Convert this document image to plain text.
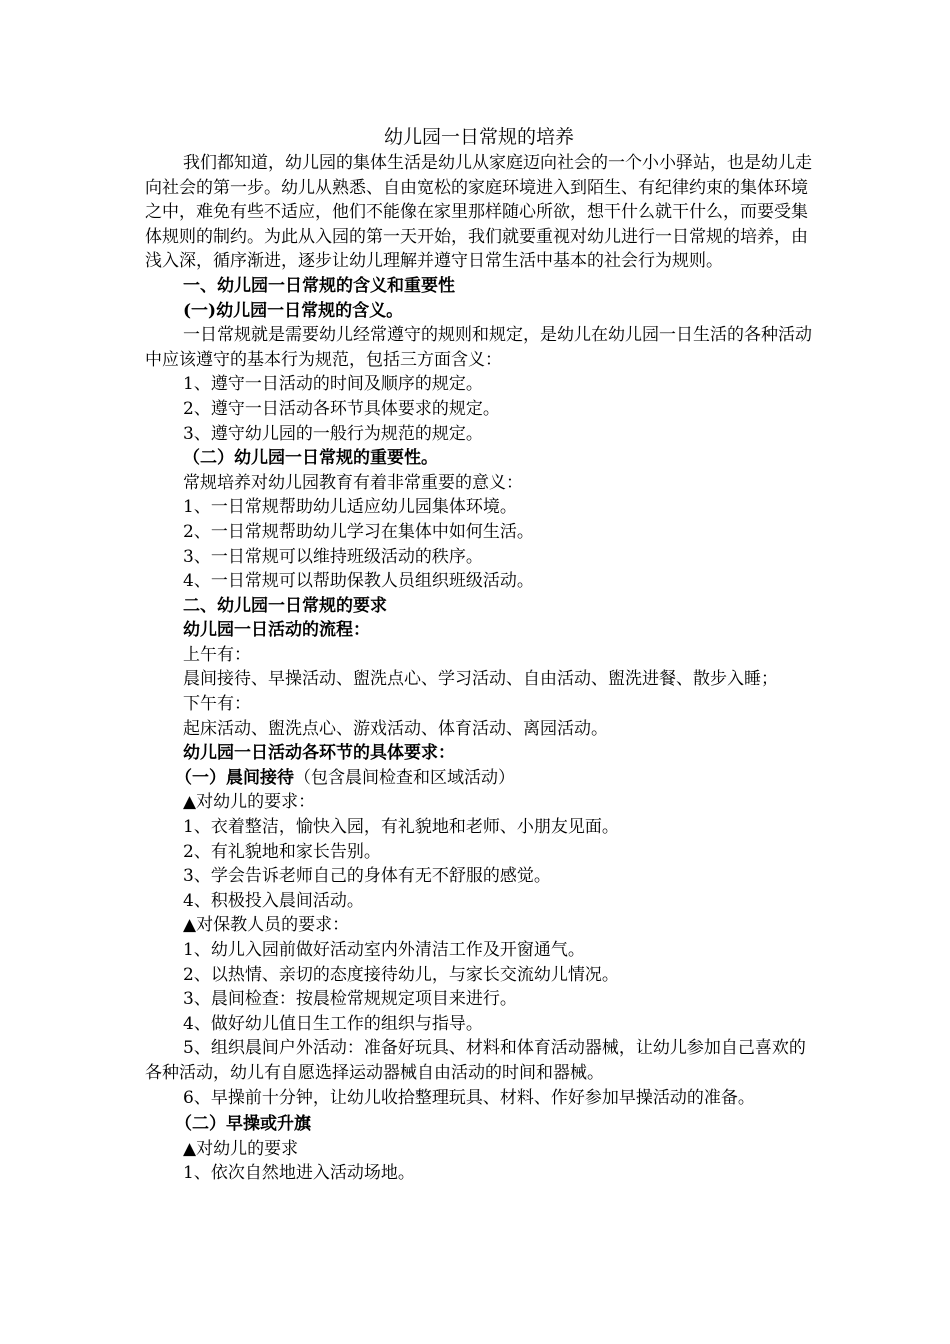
幼儿园一日常规的培养

我们都知道，幼儿园的集体生活是幼儿从家庭迈向社会的一个小小驿站，也是幼儿走向社会的第一步。幼儿从熟悉、自由宽松的家庭环境进入到陌生、有纪律约束的集体环境之中，难免有些不适应，他们不能像在家里那样随心所欲，想干什么就干什么，而要受集体规则的制约。为此从入园的第一天开始，我们就要重视对幼儿进行一日常规的培养，由浅入深，循序渐进，逐步让幼儿理解并遵守日常生活中基本的社会行为规则。

一、幼儿园一日常规的含义和重要性

(一)幼儿园一日常规的含义。

一日常规就是需要幼儿经常遵守的规则和规定，是幼儿在幼儿园一日生活的各种活动中应该遵守的基本行为规范，包括三方面含义：

1、遵守一日活动的时间及顺序的规定。

2、遵守一日活动各环节具体要求的规定。

3、遵守幼儿园的一般行为规范的规定。

（二）幼儿园一日常规的重要性。

常规培养对幼儿园教育有着非常重要的意义：

1、一日常规帮助幼儿适应幼儿园集体环境。

2、一日常规帮助幼儿学习在集体中如何生活。

3、一日常规可以维持班级活动的秩序。

4、一日常规可以帮助保教人员组织班级活动。

二、幼儿园一日常规的要求

幼儿园一日活动的流程：

上午有：

晨间接待、早操活动、盥洗点心、学习活动、自由活动、盥洗进餐、散步入睡；

下午有：

起床活动、盥洗点心、游戏活动、体育活动、离园活动。

幼儿园一日活动各环节的具体要求：

（一）晨间接待（包含晨间检查和区域活动）

▲对幼儿的要求：

1、衣着整洁，愉快入园，有礼貌地和老师、小朋友见面。

2、有礼貌地和家长告别。

3、学会告诉老师自己的身体有无不舒服的感觉。

4、积极投入晨间活动。

▲对保教人员的要求：

1、幼儿入园前做好活动室内外清洁工作及开窗通气。

2、以热情、亲切的态度接待幼儿，与家长交流幼儿情况。

3、晨间检查：按晨检常规规定项目来进行。

4、做好幼儿值日生工作的组织与指导。

5、组织晨间户外活动：准备好玩具、材料和体育活动器械，让幼儿参加自己喜欢的各种活动，幼儿有自愿选择运动器械自由活动的时间和器械。

6、早操前十分钟，让幼儿收拾整理玩具、材料、作好参加早操活动的准备。

（二）早操或升旗

▲对幼儿的要求

1、依次自然地进入活动场地。
